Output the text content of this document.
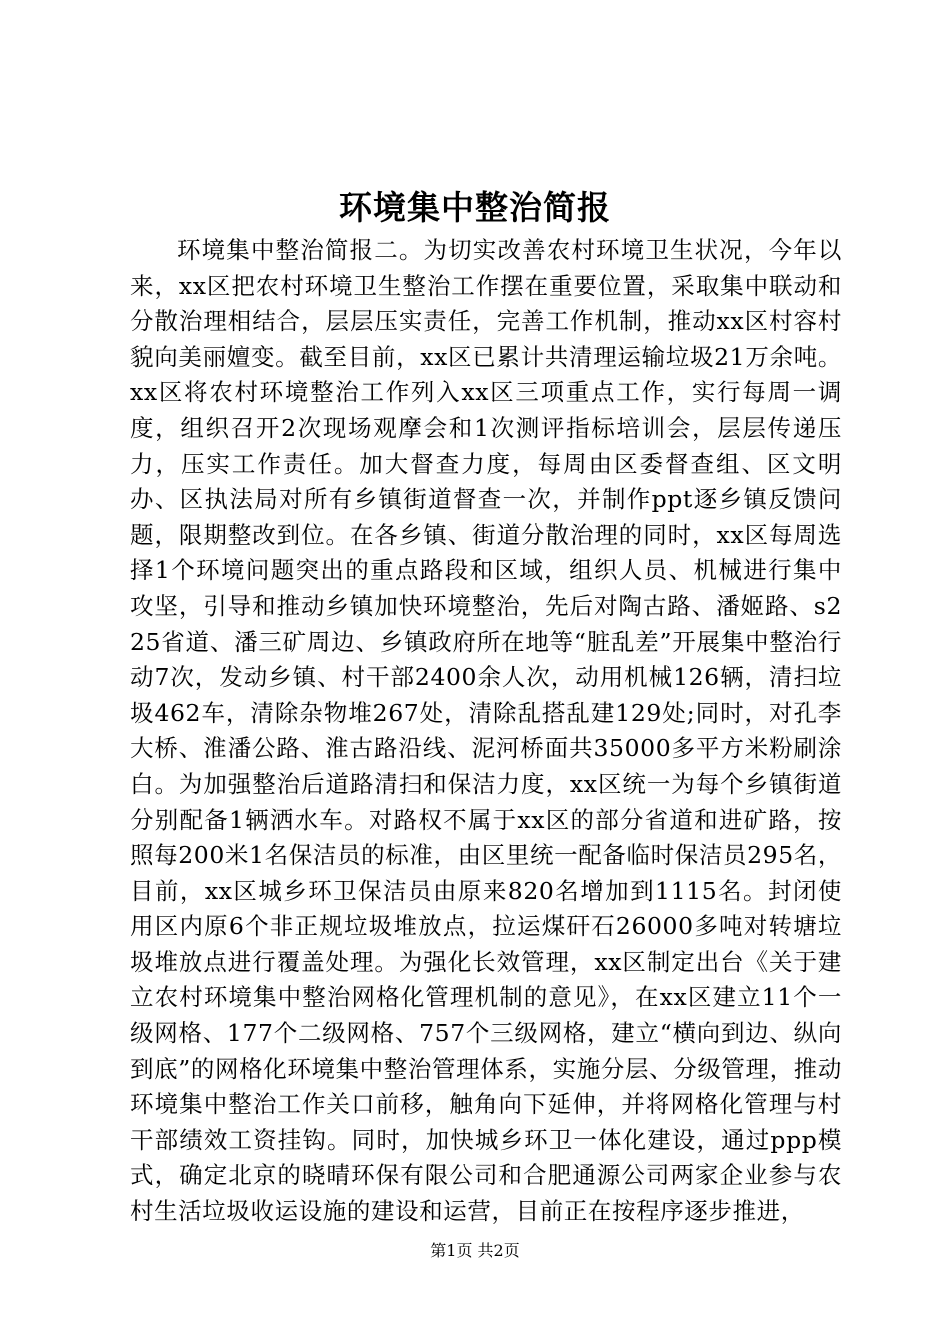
环境集中整治简报

环境集中整治简报二。为切实改善农村环境卫生状况，今年以来，xx区把农村环境卫生整治工作摆在重要位置，采取集中联动和分散治理相结合，层层压实责任，完善工作机制，推动xx区村容村貌向美丽嬗变。截至目前，xx区已累计共清理运输垃圾21万余吨。xx区将农村环境整治工作列入xx区三项重点工作，实行每周一调度，组织召开2次现场观摩会和1次测评指标培训会，层层传递压力，压实工作责任。加大督查力度，每周由区委督查组、区文明办、区执法局对所有乡镇街道督查一次，并制作ppt逐乡镇反馈问题，限期整改到位。在各乡镇、街道分散治理的同时，xx区每周选择1个环境问题突出的重点路段和区域，组织人员、机械进行集中攻坚，引导和推动乡镇加快环境整治，先后对陶古路、潘姬路、s225省道、潘三矿周边、乡镇政府所在地等“脏乱差”开展集中整治行动7次，发动乡镇、村干部2400余人次，动用机械126辆，清扫垃圾462车，清除杂物堆267处，清除乱搭乱建129处;同时，对孔李大桥、淮潘公路、淮古路沿线、泥河桥面共35000多平方米粉刷涂白。为加强整治后道路清扫和保洁力度，xx区统一为每个乡镇街道分别配备1辆洒水车。对路权不属于xx区的部分省道和进矿路，按照每200米1名保洁员的标准，由区里统一配备临时保洁员295名，目前，xx区城乡环卫保洁员由原来820名增加到1115名。封闭使用区内原6个非正规垃圾堆放点，拉运煤矸石26000多吨对转塘垃圾堆放点进行覆盖处理。为强化长效管理，xx区制定出台《关于建立农村环境集中整治网格化管理机制的意见》，在xx区建立11个一级网格、177个二级网格、757个三级网格，建立“横向到边、纵向到底”的网格化环境集中整治管理体系，实施分层、分级管理，推动环境集中整治工作关口前移，触角向下延伸，并将网格化管理与村干部绩效工资挂钩。同时，加快城乡环卫一体化建设，通过ppp模式，确定北京的晓晴环保有限公司和合肥通源公司两家企业参与农村生活垃圾收运设施的建设和运营，目前正在按程序逐步推进，

第1页 共2页
